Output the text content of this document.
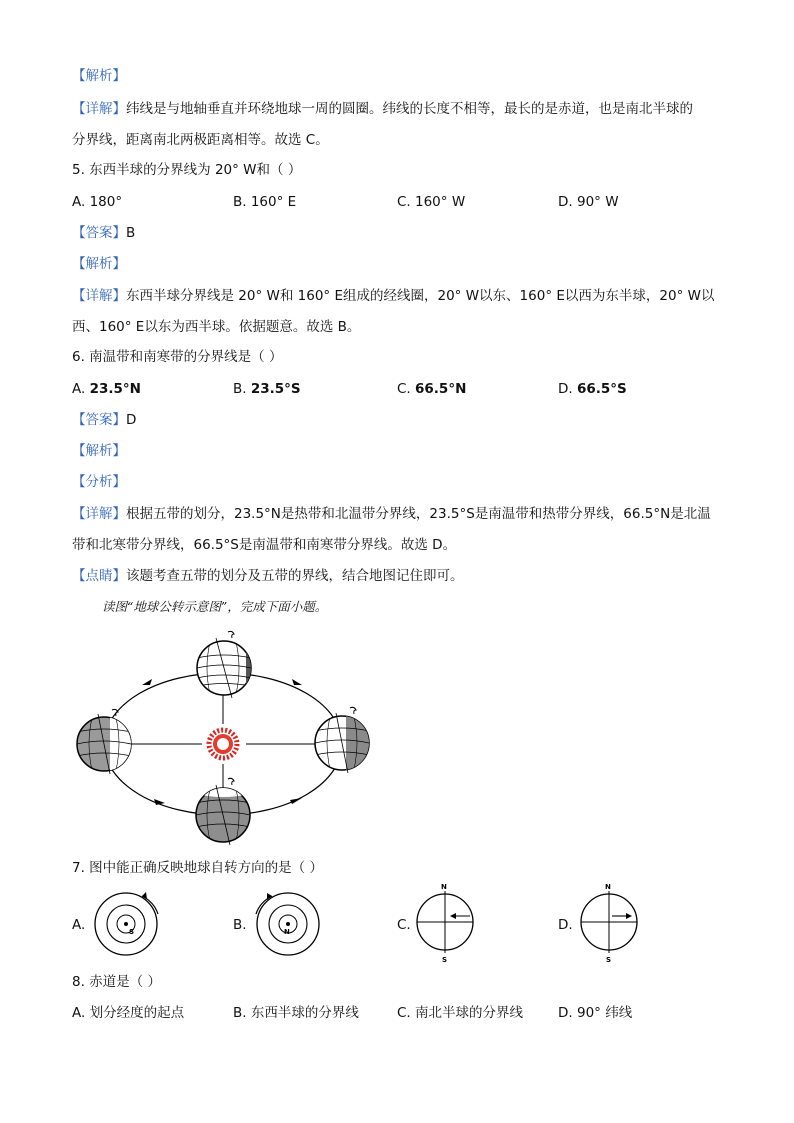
【解析】
【详解】纬线是与地轴垂直并环绕地球一周的圆圈。纬线的长度不相等，最长的是赤道，也是南北半球的
分界线，距离南北两极距离相等。故选 C。
5. 东西半球的分界线为 20° W和（ ）
A. 180°	B. 160° E	C. 160° W	D. 90° W
【答案】B
【解析】
【详解】东西半球分界线是 20° W和 160° E组成的经线圈，20° W以东、160° E以西为东半球，20° W以
西、160° E以东为西半球。依据题意。故选 B。
6. 南温带和南寒带的分界线是（ ）
A. 23.5°N	B. 23.5°S	C. 66.5°N	D. 66.5°S
【答案】D
【解析】
【分析】
【详解】根据五带的划分，23.5°N是热带和北温带分界线，23.5°S是南温带和热带分界线，66.5°N是北温
带和北寒带分界线，66.5°S是南温带和南寒带分界线。故选 D。
【点睛】该题考查五带的划分及五带的界线，结合地图记住即可。
读图“地球公转示意图”，完成下面小题。
7. 图中能正确反映地球自转方向的是（ ）
A.	S	B.	N	C.
N
S
D.
N
S
8. 赤道是（ ）
A. 划分经度的起点	B. 东西半球的分界线	C. 南北半球的分界线	D. 90° 纬线
